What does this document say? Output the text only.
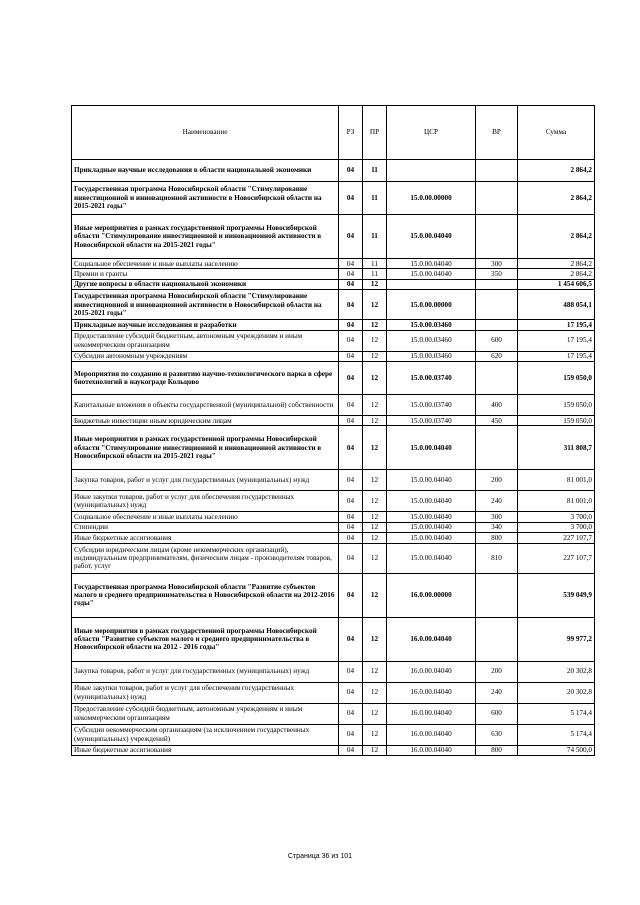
Наименование	РЗ	ПР	ЦСР	ВР	Сумма
Прикладные научные исследования в области национальной экономики	04	11			2 864,2
Государственная программа Новосибирской области "Стимулирование инвестиционной и инновационной активности в Новосибирской области на 2015-2021 годы"	04	11	15.0.00.00000		2 864,2
Иные мероприятия в рамках государственной программы Новосибирской области "Стимулирование инвестиционной и инновационной активности в Новосибирской области на 2015-2021 годы"	04	11	15.0.00.04040		2 864,2
Социальное обеспечение и иные выплаты населению	04	11	15.0.00.04040	300	2 864,2
Премии и гранты	04	11	15.0.00.04040	350	2 864,2
Другие вопросы в области национальной экономики	04	12			1 454 606,5
Государственная программа Новосибирской области "Стимулирование инвестиционной и инновационной активности в Новосибирской области на 2015-2021 годы"	04	12	15.0.00.00000		488 054,1
Прикладные научные исследования и разработки	04	12	15.0.00.03460		17 195,4
Предоставление субсидий бюджетным, автономным учреждениям и иным некоммерческим организациям	04	12	15.0.00.03460	600	17 195,4
Субсидии автономным учреждениям	04	12	15.0.00.03460	620	17 195,4
Мероприятия по созданию и развитию научно-технологического парка в сфере биотехнологий в наукограде Кольцово	04	12	15.0.00.03740		159 050,0
Капитальные вложения в объекты государственной (муниципальной) собственности	04	12	15.0.00.03740	400	159 050,0
Бюджетные инвестиции иным юридическим лицам	04	12	15.0.00.03740	450	159 050,0
Иные мероприятия в рамках государственной программы Новосибирской области "Стимулирование инвестиционной и инновационной активности в Новосибирской области на 2015-2021 годы"	04	12	15.0.00.04040		311 808,7
Закупка товаров, работ и услуг для государственных (муниципальных) нужд	04	12	15.0.00.04040	200	81 001,0
Иные закупки товаров, работ и услуг для обеспечения государственных (муниципальных) нужд	04	12	15.0.00.04040	240	81 001,0
Социальное обеспечение и иные выплаты населению	04	12	15.0.00.04040	300	3 700,0
Стипендии	04	12	15.0.00.04040	340	3 700,0
Иные бюджетные ассигнования	04	12	15.0.00.04040	800	227 107,7
Субсидии юридическим лицам (кроме некоммерческих организаций), индивидуальным предпринимателям, физическим лицам - производителям товаров, работ, услуг	04	12	15.0.00.04040	810	227 107,7
Государственная программа Новосибирской области "Развитие субъектов малого и среднего предпринимательства в Новосибирской области на 2012-2016 годы"	04	12	16.0.00.00000		539 049,9
Иные мероприятия в рамках государственной программы Новосибирской области "Развитие субъектов малого и среднего предпринимательства в Новосибирской области на 2012 - 2016 годы"	04	12	16.0.00.04040		99 977,2
Закупка товаров, работ и услуг для государственных (муниципальных) нужд	04	12	16.0.00.04040	200	20 302,8
Иные закупки товаров, работ и услуг для обеспечения государственных (муниципальных) нужд	04	12	16.0.00.04040	240	20 302,8
Предоставление субсидий бюджетным, автономным учреждениям и иным некоммерческим организациям	04	12	16.0.00.04040	600	5 174,4
Субсидии некоммерческим организациям (за исключением государственных (муниципальных) учреждений)	04	12	16.0.00.04040	630	5 174,4
Иные бюджетные ассигнования	04	12	16.0.00.04040	800	74 500,0
Страница 36 из 101
